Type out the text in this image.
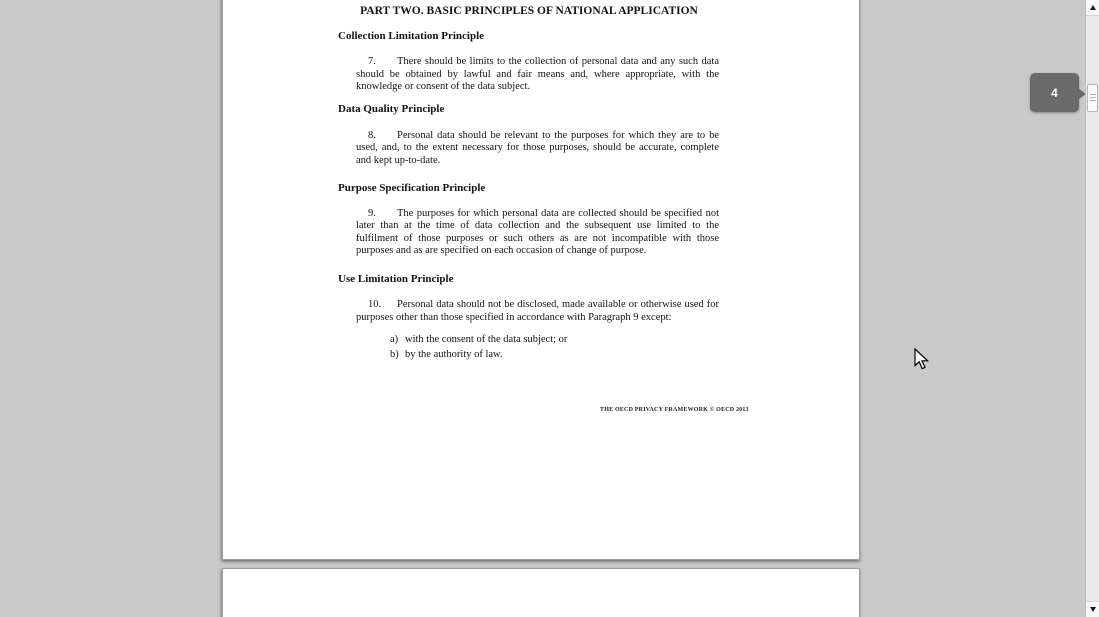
PART TWO. BASIC PRINCIPLES OF NATIONAL APPLICATION
Collection Limitation Principle

7. There should be limits to the collection of personal data and any such data should be obtained by lawful and fair means and, where appropriate, with the knowledge or consent of the data subject.

Data Quality Principle

8. Personal data should be relevant to the purposes for which they are to be used, and, to the extent necessary for those purposes, should be accurate, complete and kept up-to-date.

Purpose Specification Principle

9. The purposes for which personal data are collected should be specified not later than at the time of data collection and the subsequent use limited to the fulfilment of those purposes or such others as are not incompatible with those purposes and as are specified on each occasion of change of purpose.

Use Limitation Principle

10. Personal data should not be disclosed, made available or otherwise used for purposes other than those specified in accordance with Paragraph 9 except:

a) with the consent of the data subject; or
b) by the authority of law.
THE OECD PRIVACY FRAMEWORK © OECD 2013
4
